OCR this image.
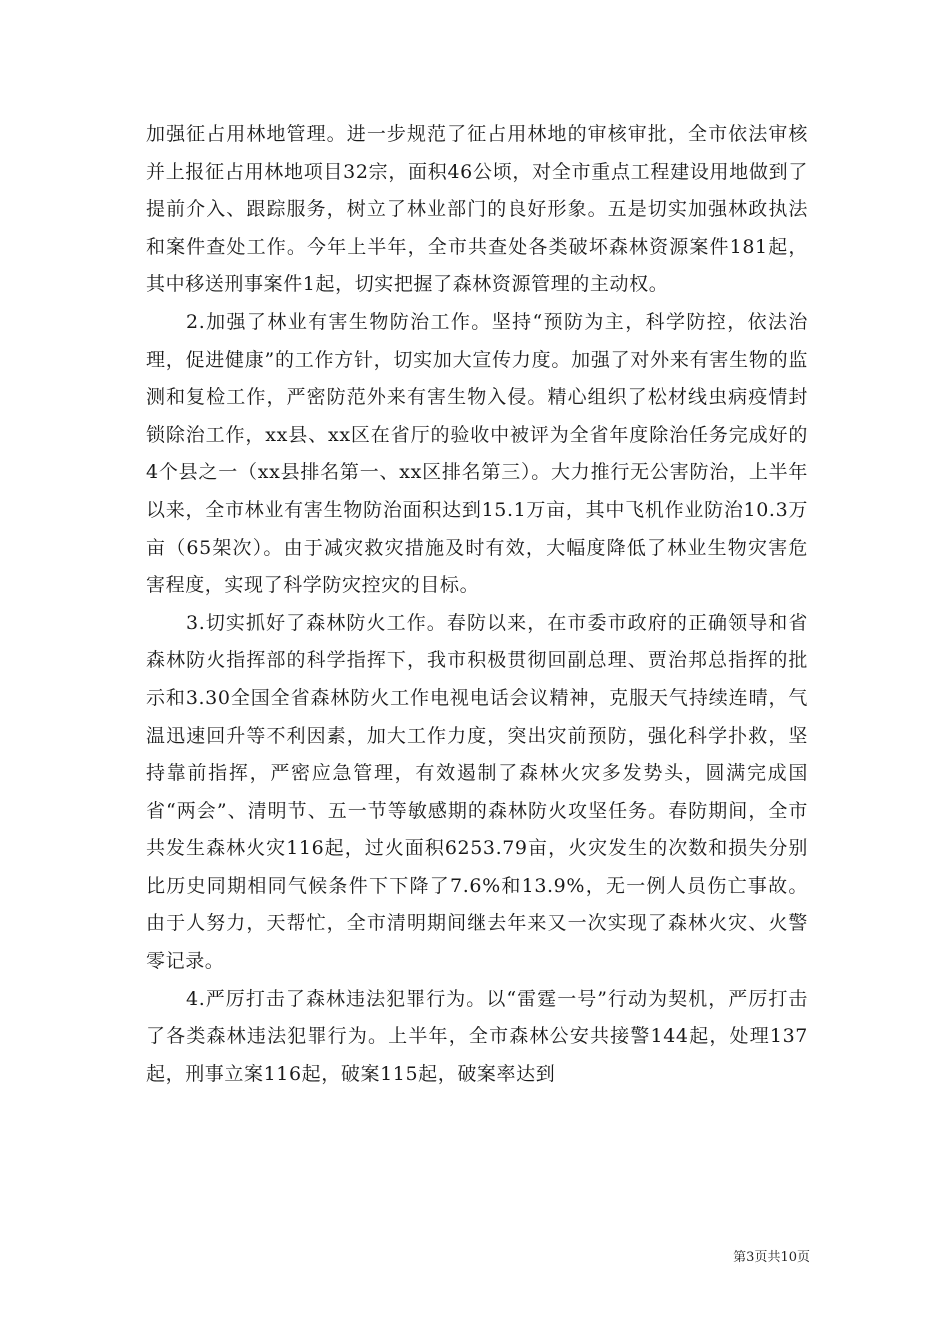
加强征占用林地管理。进一步规范了征占用林地的审核审批，全市依法审核并上报征占用林地项目32宗，面积46公顷，对全市重点工程建设用地做到了提前介入、跟踪服务，树立了林业部门的良好形象。五是切实加强林政执法和案件查处工作。今年上半年，全市共查处各类破坏森林资源案件181起，其中移送刑事案件1起，切实把握了森林资源管理的主动权。

2.加强了林业有害生物防治工作。坚持“预防为主，科学防控，依法治理，促进健康”的工作方针，切实加大宣传力度。加强了对外来有害生物的监测和复检工作，严密防范外来有害生物入侵。精心组织了松材线虫病疫情封锁除治工作，xx县、xx区在省厅的验收中被评为全省年度除治任务完成好的4个县之一（xx县排名第一、xx区排名第三）。大力推行无公害防治，上半年以来，全市林业有害生物防治面积达到15.1万亩，其中飞机作业防治10.3万亩（65架次）。由于减灾救灾措施及时有效，大幅度降低了林业生物灾害危害程度，实现了科学防灾控灾的目标。

3.切实抓好了森林防火工作。春防以来，在市委市政府的正确领导和省森林防火指挥部的科学指挥下，我市积极贯彻回副总理、贾治邦总指挥的批示和3.30全国全省森林防火工作电视电话会议精神，克服天气持续连晴，气温迅速回升等不利因素，加大工作力度，突出灾前预防，强化科学扑救，坚持靠前指挥，严密应急管理，有效遏制了森林火灾多发势头，圆满完成国省“两会”、清明节、五一节等敏感期的森林防火攻坚任务。春防期间，全市共发生森林火灾116起，过火面积6253.79亩，火灾发生的次数和损失分别比历史同期相同气候条件下下降了7.6%和13.9%，无一例人员伤亡事故。由于人努力，天帮忙，全市清明期间继去年来又一次实现了森林火灾、火警零记录。

4.严厉打击了森林违法犯罪行为。以“雷霆一号”行动为契机，严厉打击了各类森林违法犯罪行为。上半年，全市森林公安共接警144起，处理137起，刑事立案116起，破案115起，破案率达到

第3页共10页
